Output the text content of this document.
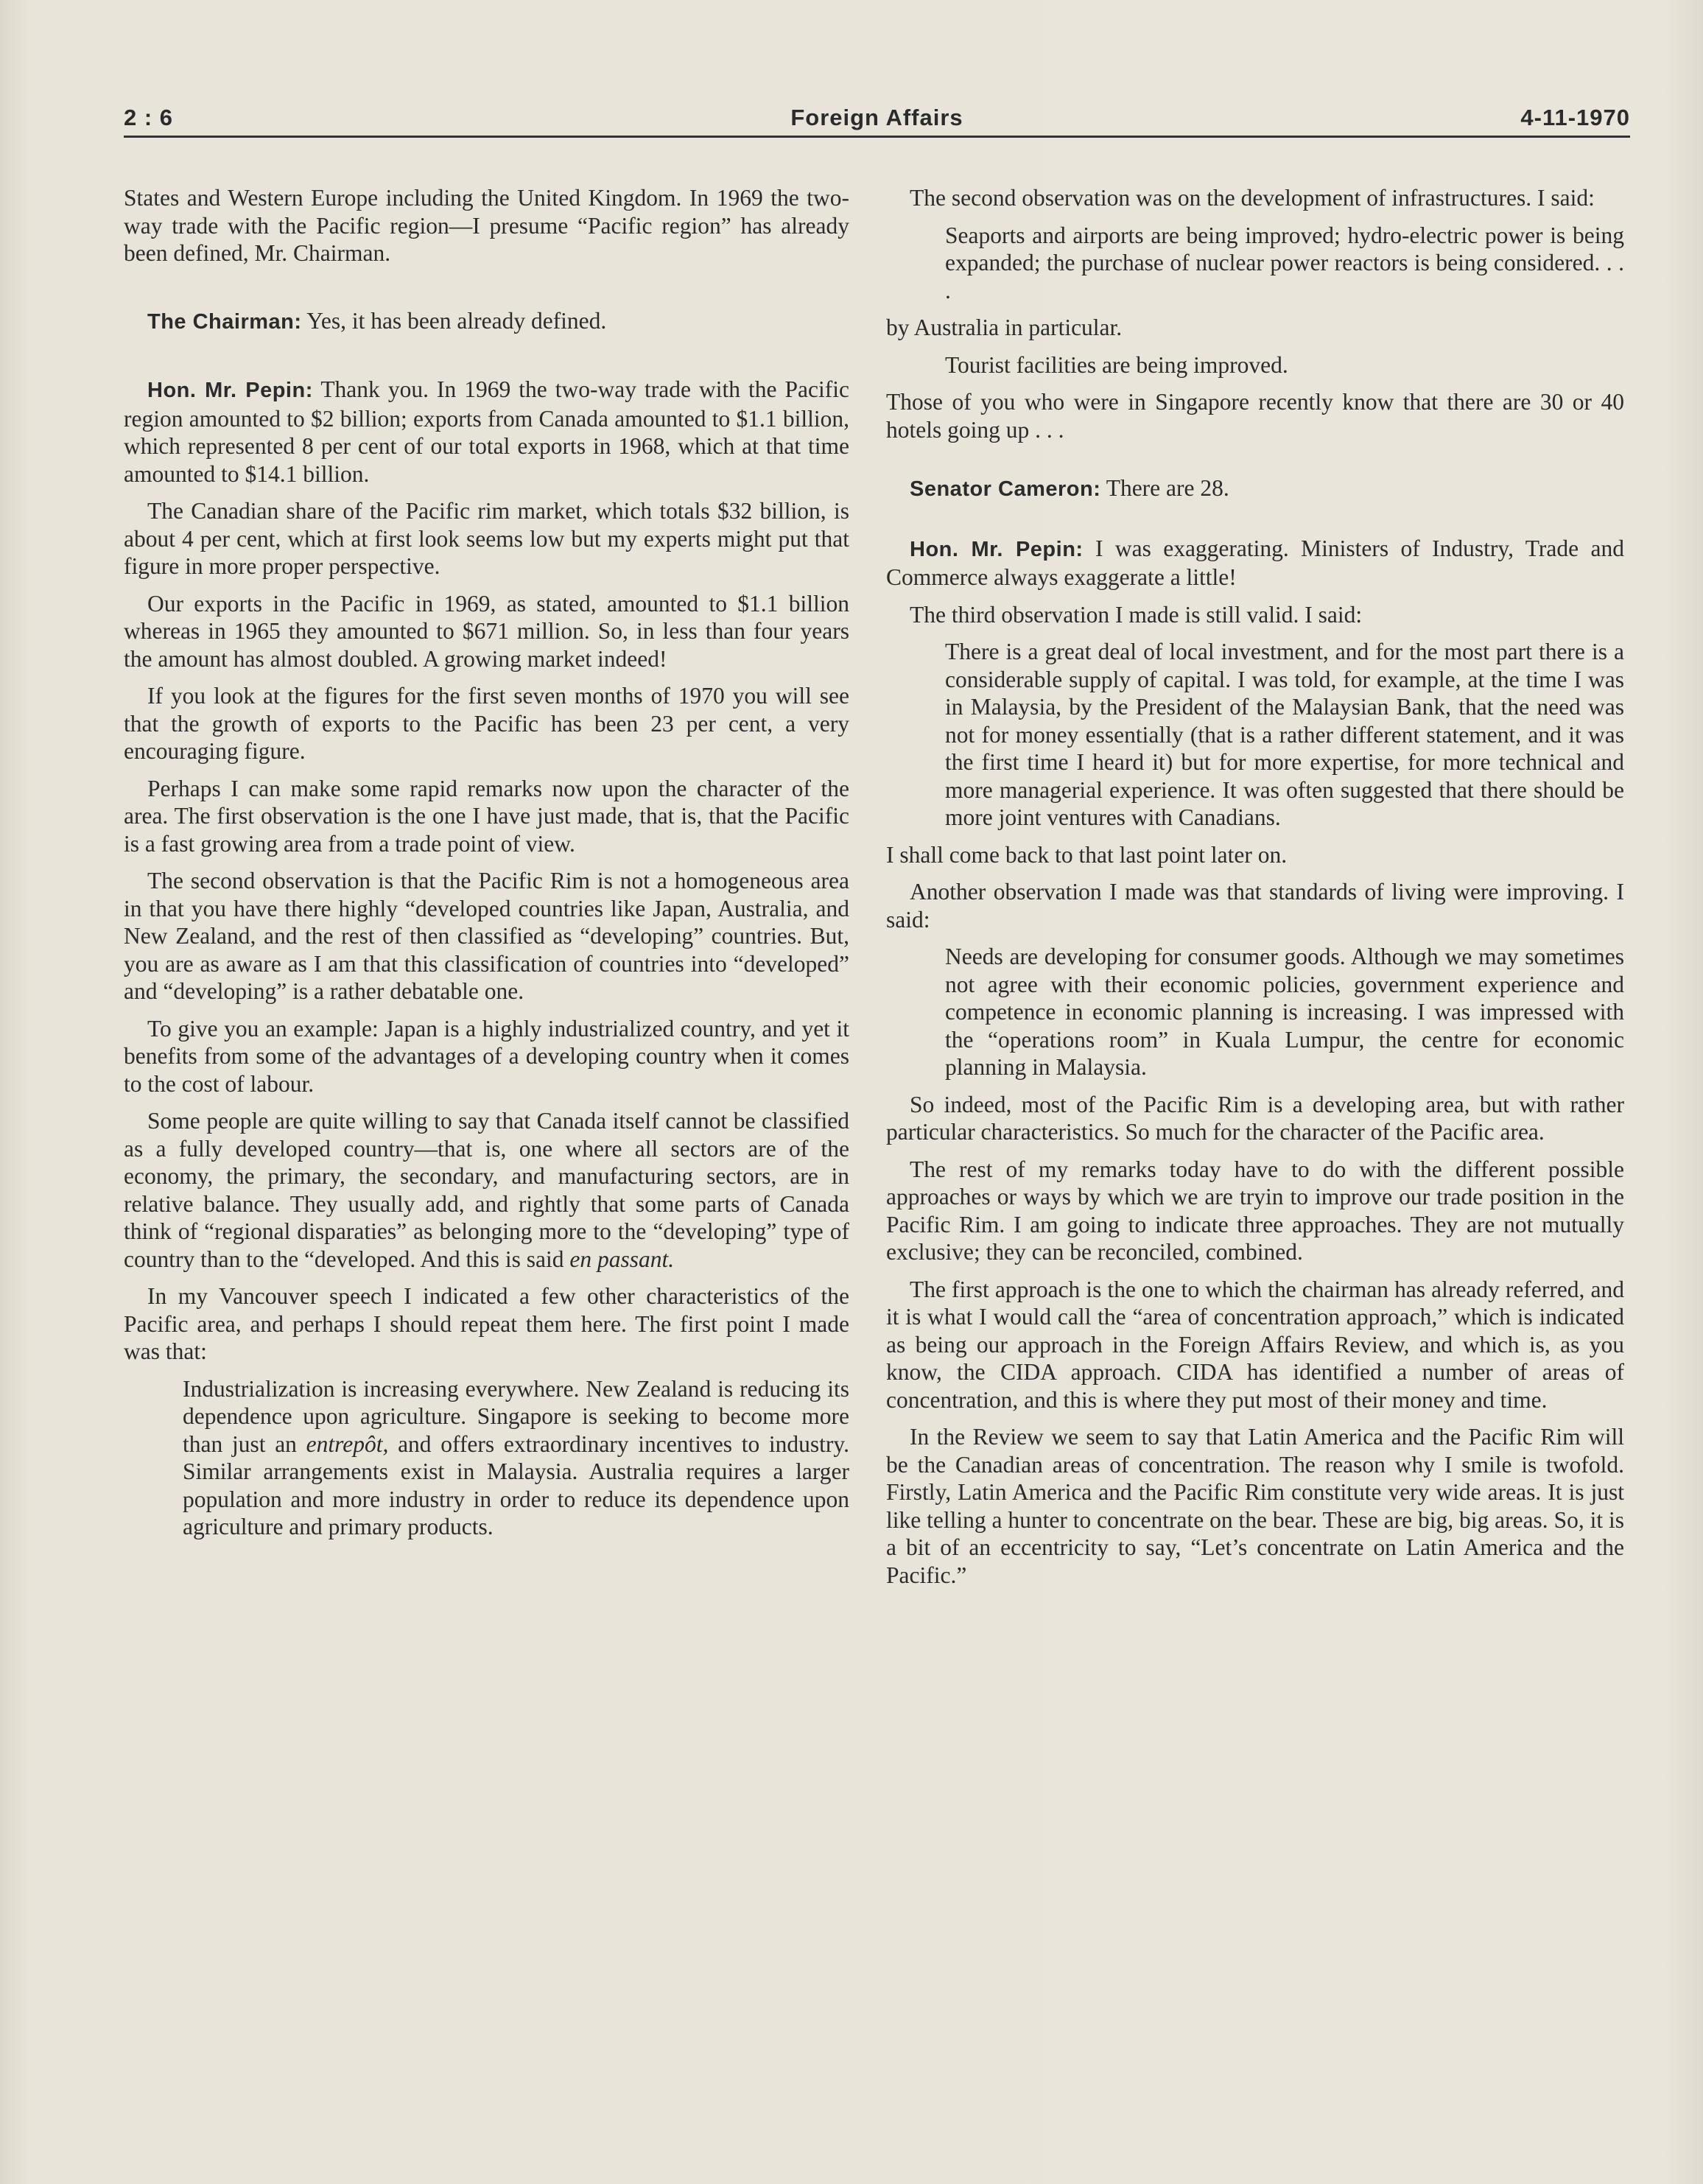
2 : 6	Foreign Affairs	4-11-1970

States and Western Europe including the United Kingdom. In 1969 the two-way trade with the Pacific region—I presume “Pacific region” has already been defined, Mr. Chairman.

The Chairman: Yes, it has been already defined.

Hon. Mr. Pepin: Thank you. In 1969 the two-way trade with the Pacific region amounted to $2 billion; exports from Canada amounted to $1.1 billion, which represented 8 per cent of our total exports in 1968, which at that time amounted to $14.1 billion.

The Canadian share of the Pacific rim market, which totals $32 billion, is about 4 per cent, which at first look seems low but my experts might put that figure in more proper perspective.

Our exports in the Pacific in 1969, as stated, amounted to $1.1 billion whereas in 1965 they amounted to $671 million. So, in less than four years the amount has almost doubled. A growing market indeed!

If you look at the figures for the first seven months of 1970 you will see that the growth of exports to the Pacific has been 23 per cent, a very encouraging figure.

Perhaps I can make some rapid remarks now upon the character of the area. The first observation is the one I have just made, that is, that the Pacific is a fast growing area from a trade point of view.

The second observation is that the Pacific Rim is not a homogeneous area in that you have there highly “developed countries like Japan, Australia, and New Zealand, and the rest of then classified as “developing” countries. But, you are as aware as I am that this classification of countries into “developed” and “developing” is a rather debatable one.

To give you an example: Japan is a highly industrialized country, and yet it benefits from some of the advantages of a developing country when it comes to the cost of labour.

Some people are quite willing to say that Canada itself cannot be classified as a fully developed country—that is, one where all sectors are of the economy, the primary, the secondary, and manufacturing sectors, are in relative balance. They usually add, and rightly that some parts of Canada think of “regional disparaties” as belonging more to the “developing” type of country than to the “developed. And this is said en passant.

In my Vancouver speech I indicated a few other characteristics of the Pacific area, and perhaps I should repeat them here. The first point I made was that:

Industrialization is increasing everywhere. New Zealand is reducing its dependence upon agriculture. Singapore is seeking to become more than just an entrepôt, and offers extraordinary incentives to industry. Similar arrangements exist in Malaysia. Australia requires a larger population and more industry in order to reduce its dependence upon agriculture and primary products.

The second observation was on the development of infrastructures. I said:

Seaports and airports are being improved; hydro-electric power is being expanded; the purchase of nuclear power reactors is being considered. . . .

by Australia in particular.

Tourist facilities are being improved.

Those of you who were in Singapore recently know that there are 30 or 40 hotels going up . . .

Senator Cameron: There are 28.

Hon. Mr. Pepin: I was exaggerating. Ministers of Industry, Trade and Commerce always exaggerate a little!

The third observation I made is still valid. I said:

There is a great deal of local investment, and for the most part there is a considerable supply of capital. I was told, for example, at the time I was in Malaysia, by the President of the Malaysian Bank, that the need was not for money essentially (that is a rather different statement, and it was the first time I heard it) but for more expertise, for more technical and more managerial experience. It was often suggested that there should be more joint ventures with Canadians.

I shall come back to that last point later on.

Another observation I made was that standards of living were improving. I said:

Needs are developing for consumer goods. Although we may sometimes not agree with their economic policies, government experience and competence in economic planning is increasing. I was impressed with the “operations room” in Kuala Lumpur, the centre for economic planning in Malaysia.

So indeed, most of the Pacific Rim is a developing area, but with rather particular characteristics. So much for the character of the Pacific area.

The rest of my remarks today have to do with the different possible approaches or ways by which we are tryin to improve our trade position in the Pacific Rim. I am going to indicate three approaches. They are not mutually exclusive; they can be reconciled, combined.

The first approach is the one to which the chairman has already referred, and it is what I would call the “area of concentration approach,” which is indicated as being our approach in the Foreign Affairs Review, and which is, as you know, the CIDA approach. CIDA has identified a number of areas of concentration, and this is where they put most of their money and time.

In the Review we seem to say that Latin America and the Pacific Rim will be the Canadian areas of concentration. The reason why I smile is twofold. Firstly, Latin America and the Pacific Rim constitute very wide areas. It is just like telling a hunter to concentrate on the bear. These are big, big areas. So, it is a bit of an eccentricity to say, “Let’s concentrate on Latin America and the Pacific.”
